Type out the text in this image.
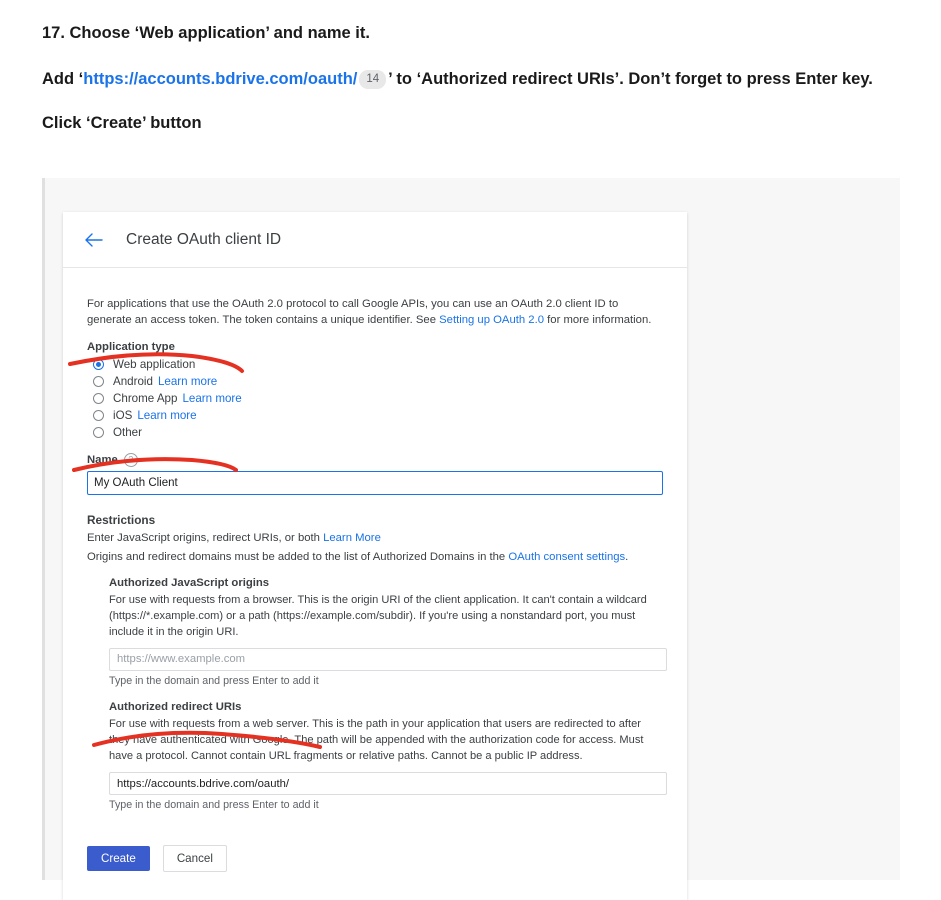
17. Choose ‘Web application’ and name it.

Add ‘https://accounts.bdrive.com/oauth/ 14 ’ to ‘Authorized redirect URIs’. Don’t forget to press Enter key.

Click ‘Create’ button

Create OAuth client ID

For applications that use the OAuth 2.0 protocol to call Google APIs, you can use an OAuth 2.0 client ID to generate an access token. The token contains a unique identifier. See Setting up OAuth 2.0 for more information.

Application type

Web application
Android Learn more
Chrome App Learn more
iOS Learn more
Other
Name	?
My OAuth Client

Restrictions

Enter JavaScript origins, redirect URIs, or both Learn More

Origins and redirect domains must be added to the list of Authorized Domains in the OAuth consent settings.

Authorized JavaScript origins

For use with requests from a browser. This is the origin URI of the client application. It can't contain a wildcard (https://*.example.com) or a path (https://example.com/subdir). If you're using a nonstandard port, you must include it in the origin URI.

https://www.example.com

Type in the domain and press Enter to add it

Authorized redirect URIs

For use with requests from a web server. This is the path in your application that users are redirected to after they have authenticated with Google. The path will be appended with the authorization code for access. Must have a protocol. Cannot contain URL fragments or relative paths. Cannot be a public IP address.

https://accounts.bdrive.com/oauth/

Type in the domain and press Enter to add it

Create	Cancel
